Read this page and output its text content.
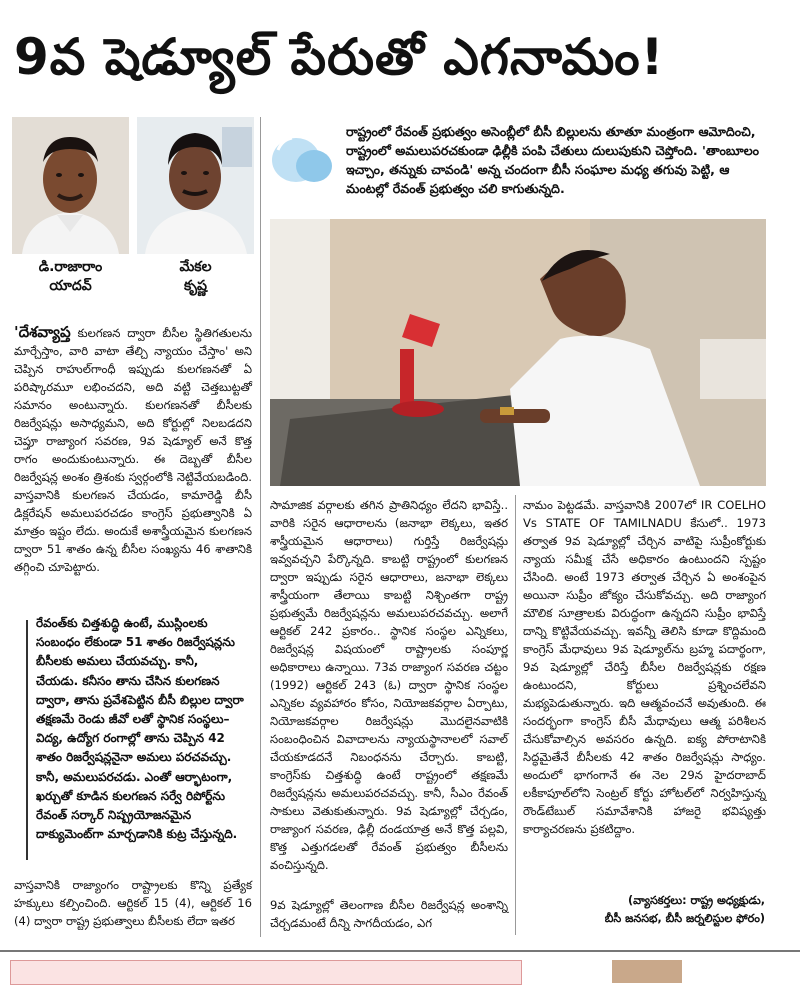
9వ షెడ్యూల్ పేరుతో ఎగనామం!
డి.రాజారాం
యాదవ్
మేకల
కృష్ణ
రాష్ట్రంలో రేవంత్ ప్రభుత్వం అసెంబ్లీలో బీసీ బిల్లులను తూతూ మంత్రంగా ఆమోదించి, రాష్ట్రంలో అమలుపరచకుండా ఢిల్లీకి పంపి చేతులు దులుపుకుని చెప్తోంది. 'తాంబూలం ఇచ్చాం, తన్నుకు చావండి' అన్న చందంగా బీసీ సంఘాల మధ్య తగువు పెట్టి, ఆ మంటల్లో రేవంత్ ప్రభుత్వం చలి కాగుతున్నది.

'దేశవ్యాప్త కులగణన ద్వారా బీసీల స్థితిగతులను మార్చేస్తాం, వారి వాటా తేల్చి న్యాయం చేస్తాం' అని చెప్పిన రాహుల్‌గాంధీ ఇప్పుడు కులగణనతో ఏ పరిష్కారమూ లభించదని, అది వట్టి చెత్తబుట్టతో సమానం అంటున్నారు. కులగణనతో బీసీలకు రిజర్వేషన్లు అసాధ్యమని, అది కోర్టుల్లో నిలబడదని చెప్తూ రాజ్యాంగ సవరణ, 9వ షెడ్యూల్ అనే కొత్త రాగం అందుకుంటున్నారు. ఈ దెబ్బతో బీసీల రిజర్వేషన్ల అంశం త్రిశంకు స్వర్గంలోకి నెట్టివేయబడింది. వాస్తవానికి కులగణన చేయడం, కామారెడ్డి బీసీ డిక్లరేషన్ అమలుపరచడం కాంగ్రెస్ ప్రభుత్వానికి ఏ మాత్రం ఇష్టం లేదు. అందుకే అశాస్త్రీయమైన కులగణన ద్వారా 51 శాతం ఉన్న బీసీల సంఖ్యను 46 శాతానికి తగ్గించి చూపెట్టారు.

రేవంత్‌కు చిత్తశుద్ధి ఉంటే, ముస్లింలకు సంబంధం లేకుండా 51 శాతం రిజర్వేషన్లను బీసీలకు అమలు చేయవచ్చు. కానీ, చేయడు. కనీసం తాను చేసిన కులగణన ద్వారా, తాను ప్రవేశపెట్టిన బీసీ బిల్లుల ద్వారా తక్షణమే రెండు జీవో లతో స్థానిక సంస్థలు–విద్య, ఉద్యోగ రంగాల్లో తాను చెప్పిన 42 శాతం రిజర్వేషన్లనైనా అమలు పరచవచ్చు. కానీ, అమలుపరచడు. ఎంతో ఆర్భాటంగా, ఖర్చుతో కూడిన కులగణన సర్వే రిపోర్ట్‌ను రేవంత్ సర్కార్ నిష్ప్రయోజనమైన దాక్యుమెంట్‌గా మార్చడానికి కుట్ర చేస్తున్నది.

వాస్తవానికి రాజ్యాంగం రాష్ట్రాలకు కొన్ని ప్రత్యేక హక్కులు కల్పించింది. ఆర్టికల్ 15 (4), ఆర్టికల్ 16 (4) ద్వారా రాష్ట్ర ప్రభుత్వాలు బీసీలకు లేదా ఇతర

సామాజిక వర్గాలకు తగిన ప్రాతినిధ్యం లేదని భావిస్తే.. వారికి సరైన ఆధారాలను (జనాభా లెక్కలు, ఇతర శాస్త్రీయమైన ఆధారాలు) గుర్తిస్తే రిజర్వేషన్లు ఇవ్వవచ్చని పేర్కొన్నది. కాబట్టి రాష్ట్రంలో కులగణన ద్వారా ఇప్పుడు సరైన ఆధారాలు, జనాభా లెక్కలు శాస్త్రీయంగా తేలాయి కాబట్టి నిశ్చింతగా రాష్ట్ర ప్రభుత్వమే రిజర్వేషన్లను అమలుపరచవచ్చు. అలాగే ఆర్టికల్ 242 ప్రకారం.. స్థానిక సంస్థల ఎన్నికలు, రిజర్వేషన్ల విషయంలో రాష్ట్రాలకు సంపూర్ణ అధికారాలు ఉన్నాయి. 73వ రాజ్యాంగ సవరణ చట్టం (1992) ఆర్టికల్ 243 (ఓ) ద్వారా స్థానిక సంస్థల ఎన్నికల వ్యవహారం కోసం, నియోజకవర్గాల ఏర్పాటు, నియోజకవర్గాల రిజర్వేషన్లు మొదలైనవాటికి సంబంధించిన వివాదాలను న్యాయస్థానాలలో సవాల్ చేయకూడదనే నిబంధనను చేర్చారు. కాబట్టి, కాంగ్రెస్‌కు చిత్తశుద్ధి ఉంటే రాష్ట్రంలో తక్షణమే రిజర్వేషన్లను అమలుపరచవచ్చు. కానీ, సీఎం రేవంత్ సాకులు వెతుకుతున్నారు. 9వ షెడ్యూల్లో చేర్చడం, రాజ్యాంగ సవరణ, ఢిల్లీ దండయాత్ర అనే కొత్త పల్లవి, కొత్త ఎత్తుగడలతో రేవంత్ ప్రభుత్వం బీసీలను వంచిస్తున్నది.

9వ షెడ్యూల్లో తెలంగాణ బీసీల రిజర్వేషన్ల అంశాన్ని చేర్చడమంటే దీన్ని సాగదీయడం, ఎగ

నామం పెట్టడమే. వాస్తవానికి 2007లో IR COELHO Vs STATE OF TAMILNADU కేసులో.. 1973 తర్వాత 9వ షెడ్యూల్లో చేర్చిన వాటిపై సుప్రీంకోర్టుకు న్యాయ సమీక్ష చేసే అధికారం ఉంటుందని స్పష్టం చేసింది. అంటే 1973 తర్వాత చేర్చిన ఏ అంశంపైన అయినా సుప్రీం జోక్యం చేసుకోవచ్చు. అది రాజ్యాంగ మౌలిక సూత్రాలకు విరుద్ధంగా ఉన్నదని సుప్రీం భావిస్తే దాన్ని కొట్టివేయవచ్చు. ఇవన్నీ తెలిసి కూడా కొద్దిమంది కాంగ్రెస్ మేధావులు 9వ షెడ్యూల్‌ను బ్రహ్మ పదార్థంగా, 9వ షెడ్యూల్లో చేరిస్తే బీసీల రిజర్వేషన్లకు రక్షణ ఉంటుందని, కోర్టులు ప్రశ్నించలేవని మభ్యపెడుతున్నారు. ఇది ఆత్మవంచనే అవుతుంది. ఈ సందర్భంగా కాంగ్రెస్ బీసీ మేధావులు ఆత్మ పరిశీలన చేసుకోవాల్సిన అవసరం ఉన్నది. ఐక్య పోరాటానికి సిద్ధమైతేనే బీసీలకు 42 శాతం రిజర్వేషన్లు సాధ్యం. అందులో భాగంగానే ఈ నెల 29న హైదరాబాద్ లకీకాపూల్‌లోని సెంట్రల్ కోర్టు హోటల్‌లో నిర్వహిస్తున్న రౌండ్‌టేబుల్ సమావేశానికి హాజరై భవిష్యత్తు కార్యాచరణను ప్రకటిద్దాం.

(వ్యాసకర్తలు: రాష్ట్ర అధ్యక్షుడు,
బీసీ జనసభ, బీసీ జర్నలిస్టుల ఫోరం)
